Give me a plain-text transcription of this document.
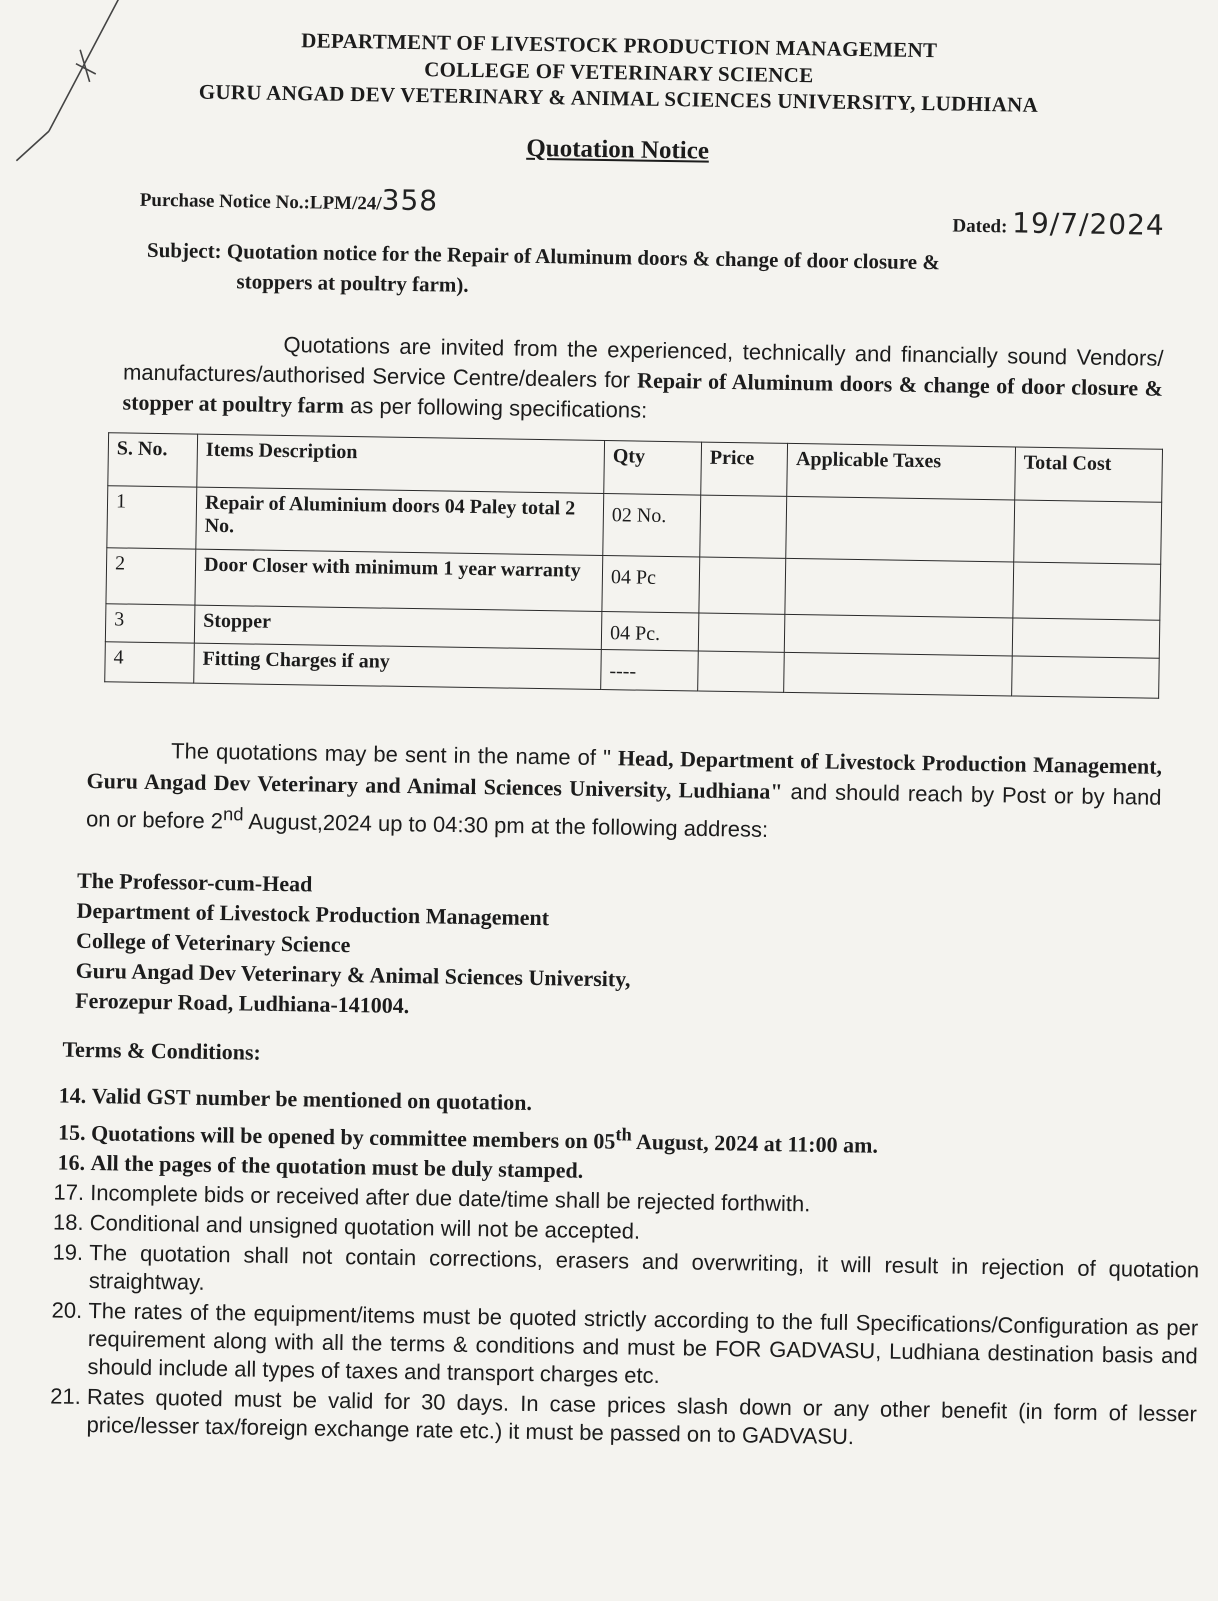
DEPARTMENT OF LIVESTOCK PRODUCTION MANAGEMENT
COLLEGE OF VETERINARY SCIENCE
GURU ANGAD DEV VETERINARY & ANIMAL SCIENCES UNIVERSITY, LUDHIANA
Quotation Notice
Purchase Notice No.:LPM/24/358
Dated: 19/7/2024
Subject: Quotation notice for the Repair of Aluminum doors & change of door closure &
stoppers at poultry farm).
Quotations are invited from the experienced, technically and financially sound Vendors/ manufactures/authorised Service Centre/dealers for Repair of Aluminum doors & change of door closure & stopper at poultry farm as per following specifications:
S. No.	Items Description	Qty	Price	Applicable Taxes	Total Cost
1	Repair of Aluminium doors 04 Paley total 2 No.	02 No.			
2	Door Closer with minimum 1 year warranty	04 Pc			
3	Stopper	04 Pc.			
4	Fitting Charges if any	----			
The quotations may be sent in the name of " Head, Department of Livestock Production Management, Guru Angad Dev Veterinary and Animal Sciences University, Ludhiana" and should reach by Post or by hand on or before 2nd August,2024 up to 04:30 pm at the following address:
The Professor-cum-Head
Department of Livestock Production Management
College of Veterinary Science
Guru Angad Dev Veterinary & Animal Sciences University,
Ferozepur Road, Ludhiana-141004.
Terms & Conditions:
14. Valid GST number be mentioned on quotation.
15. Quotations will be opened by committee members on 05th August, 2024 at 11:00 am.
16. All the pages of the quotation must be duly stamped.
17. Incomplete bids or received after due date/time shall be rejected forthwith.
18. Conditional and unsigned quotation will not be accepted.
19. The quotation shall not contain corrections, erasers and overwriting, it will result in rejection of quotation straightway.
20. The rates of the equipment/items must be quoted strictly according to the full Specifications/Configuration as per requirement along with all the terms & conditions and must be FOR GADVASU, Ludhiana destination basis and should include all types of taxes and transport charges etc.
21. Rates quoted must be valid for 30 days. In case prices slash down or any other benefit (in form of lesser price/lesser tax/foreign exchange rate etc.) it must be passed on to GADVASU.
